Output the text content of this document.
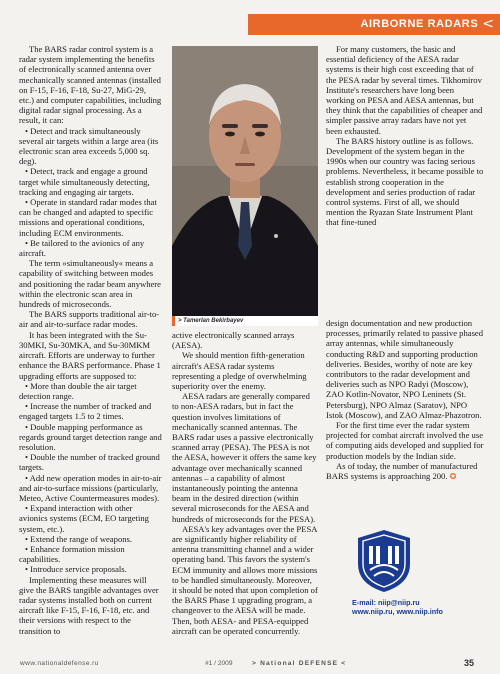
AIRBORNE RADARS <

The BARS radar control system is a radar system implementing the benefits of electronically scanned antenna over mechanically scanned antennas (installed on F-15, F-16, F-18, Su-27, MiG-29, etc.) and computer capabilities, including digital radar signal processing. As a result, it can:

• Detect and track simultaneously several air targets within a large area (its electronic scan area exceeds 5,000 sq. deg).

• Detect, track and engage a ground target while simultaneously detecting, tracking and engaging air targets.

• Operate in standard radar modes that can be changed and adapted to specific missions and operational conditions, including ECM environments.

• Be tailored to the avionics of any aircraft.

The term »simultaneously« means a capability of switching between modes and positioning the radar beam anywhere within the electronic scan area in hundreds of microseconds.

The BARS supports traditional air-to-air and air-to-surface radar modes.

It has been integrated with the Su-30MKI, Su-30MKA, and Su-30MKM aircraft. Efforts are underway to further enhance the BARS performance. Phase 1 upgrading efforts are supposed to:

• More than double the air target detection range.

• Increase the number of tracked and engaged targets 1.5 to 2 times.

• Double mapping performance as regards ground target detection range and resolution.

• Double the number of tracked ground targets.

• Add new operation modes in air-to-air and air-to-surface missions (particularly, Meteo, Active Countermeasures modes).

• Expand interaction with other avionics systems (ECM, EO targeting system, etc.).

• Extend the range of weapons.

• Enhance formation mission capabilities.

• Introduce service proposals.

Implementing these measures will give the BARS tangible advantages over radar systems installed both on current aircraft like F-15, F-16, F-18, etc. and their versions with respect to the transition to

> Tamerlan Bekirbayev

active electronically scanned arrays (AESA).

We should mention fifth-generation aircraft's AESA radar systems representing a pledge of overwhelming superiority over the enemy.

AESA radars are generally compared to non-AESA radars, but in fact the question involves limitations of mechanically scanned antennas. The BARS radar uses a passive electronically scanned array (PESA). The PESA is not the AESA, however it offers the same key advantage over mechanically scanned antennas – a capability of almost instantaneously pointing the antenna beam in the desired direction (within several microseconds for the AESA and hundreds of microseconds for the PESA).

AESA's key advantages over the PESA are significantly higher reliability of antenna transmitting channel and a wider operating band. This favors the system's ECM immunity and allows more missions to be handled simultaneously. Moreover, it should be noted that upon completion of the BARS Phase 1 upgrading program, a changeover to the AESA will be made. Then, both AESA- and PESA-equipped aircraft can be operated concurrently.

For many customers, the basic and essential deficiency of the AESA radar systems is their high cost exceeding that of the PESA radar by several times. Tikhomirov Institute's researchers have long been working on PESA and AESA antennas, but they think that the capabilities of cheaper and simpler passive array radars have not yet been exhausted.

The BARS history outline is as follows. Development of the system began in the 1990s when our country was facing serious problems. Nevertheless, it became possible to establish strong cooperation in the development and series production of radar control systems. First of all, we should mention the Ryazan State Instrument Plant that fine-tuned

design documentation and new production processes, primarily related to passive phased array antennas, while simultaneously conducting R&D and supporting production deliveries. Besides, worthy of note are key contributors to the radar development and deliveries such as NPO Radyi (Moscow), ZAO Kotlin-Novator, NPO Leninets (St. Petersburg), NPO Almaz (Saratov), NPO Istok (Moscow), and ZAO Almaz-Phazotron.

For the first time ever the radar system projected for combat aircraft involved the use of computing aids developed and supplied for production models by the Indian side.

As of today, the number of manufactured BARS systems is approaching 200. ✪

E-mail: niip@niip.ru
www.niip.ru, www.niip.info
www.nationaldefense.ru	#1 / 2009	> National DEFENSE <	35
